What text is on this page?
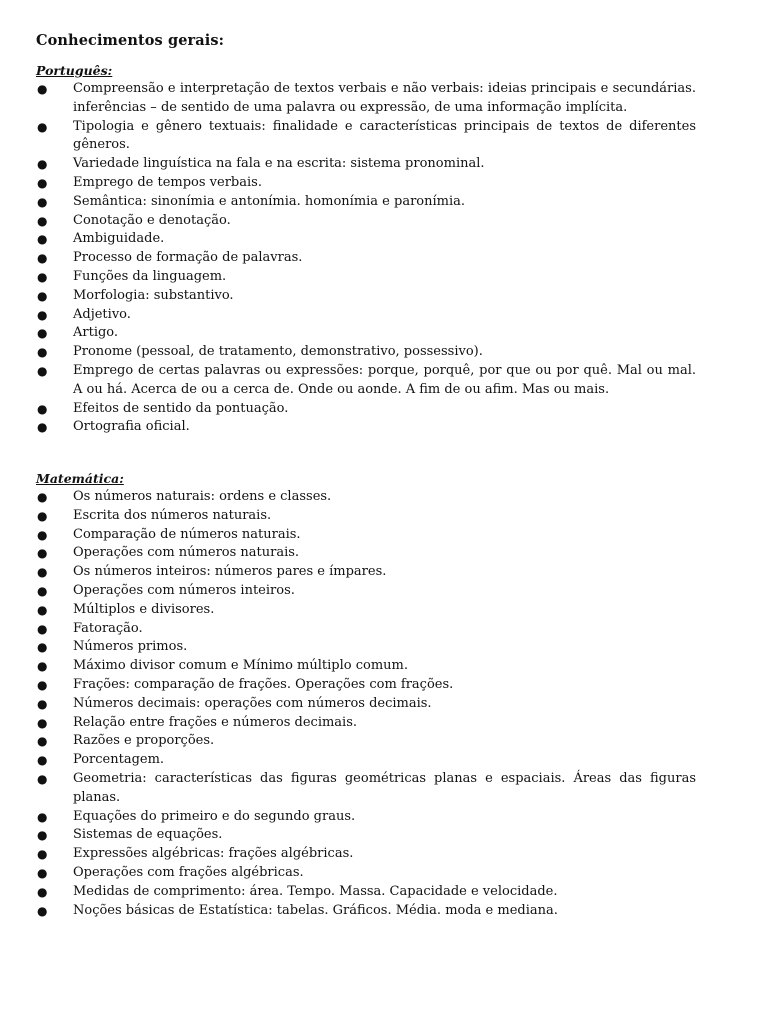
Conhecimentos gerais:
Português:
● Compreensão e interpretação de textos verbais e não verbais: ideias principais e secundárias. inferências – de sentido de uma palavra ou expressão, de uma informação implícita.
● Tipologia e gênero textuais: finalidade e características principais de textos de diferentes gêneros.
● Variedade linguística na fala e na escrita: sistema pronominal.
● Emprego de tempos verbais.
● Semântica: sinonímia e antonímia. homonímia e paronímia.
● Conotação e denotação.
● Ambiguidade.
● Processo de formação de palavras.
● Funções da linguagem.
● Morfologia: substantivo.
● Adjetivo.
● Artigo.
● Pronome (pessoal, de tratamento, demonstrativo, possessivo).
● Emprego de certas palavras ou expressões: porque, porquê, por que ou por quê. Mal ou mal. A ou há. Acerca de ou a cerca de. Onde ou aonde. A fim de ou afim. Mas ou mais.
● Efeitos de sentido da pontuação.
● Ortografia oficial.
Matemática:
● Os números naturais: ordens e classes.
● Escrita dos números naturais.
● Comparação de números naturais.
● Operações com números naturais.
● Os números inteiros: números pares e ímpares.
● Operações com números inteiros.
● Múltiplos e divisores.
● Fatoração.
● Números primos.
● Máximo divisor comum e Mínimo múltiplo comum.
● Frações: comparação de frações. Operações com frações.
● Números decimais: operações com números decimais.
● Relação entre frações e números decimais.
● Razões e proporções.
● Porcentagem.
● Geometria: características das figuras geométricas planas e espaciais. Áreas das figuras planas.
● Equações do primeiro e do segundo graus.
● Sistemas de equações.
● Expressões algébricas: frações algébricas.
● Operações com frações algébricas.
● Medidas de comprimento: área. Tempo. Massa. Capacidade e velocidade.
● Noções básicas de Estatística: tabelas. Gráficos. Média. moda e mediana.
